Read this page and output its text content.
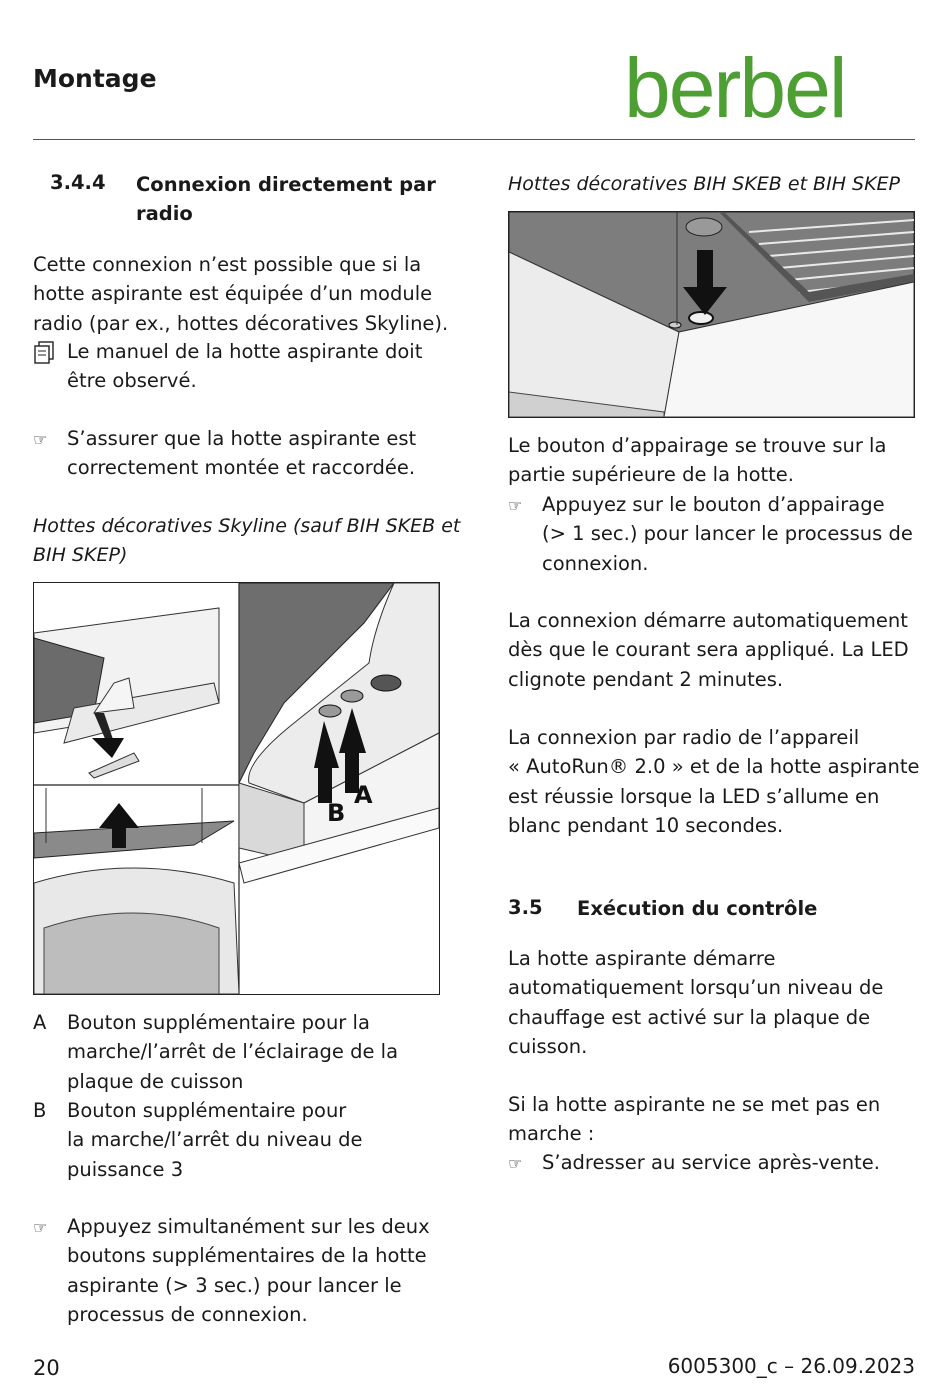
Montage	berbel
3.4.4 Connexion directement par
radio
Cette connexion n’est possible que si la
hotte aspirante est équipée d’un module
radio (par ex., hottes décoratives Skyline).
Le manuel de la hotte aspirante doit
être observé.
☞ S’assurer que la hotte aspirante est
correctement montée et raccordée.
Hottes décoratives Skyline (sauf BIH SKEB et
BIH SKEP)
B
A
A Bouton supplémentaire pour la
marche/l’arrêt de l’éclairage de la
plaque de cuisson
B Bouton supplémentaire pour
la marche/l’arrêt du niveau de
puissance 3
☞ Appuyez simultanément sur les deux
boutons supplémentaires de la hotte
aspirante (> 3 sec.) pour lancer le
processus de connexion.
Hottes décoratives BIH SKEB et BIH SKEP
Le bouton d’appairage se trouve sur la
partie supérieure de la hotte.
☞ Appuyez sur le bouton d’appairage
(> 1 sec.) pour lancer le processus de
connexion.
La connexion démarre automatiquement
dès que le courant sera appliqué. La LED
clignote pendant 2 minutes.
La connexion par radio de l’appareil
« AutoRun® 2.0 » et de la hotte aspirante
est réussie lorsque la LED s’allume en
blanc pendant 10 secondes.
3.5 Exécution du contrôle
La hotte aspirante démarre
automatiquement lorsqu’un niveau de
chauffage est activé sur la plaque de
cuisson.
Si la hotte aspirante ne se met pas en
marche :
☞ S’adresser au service après-vente.
20	6005300_c – 26.09.2023
